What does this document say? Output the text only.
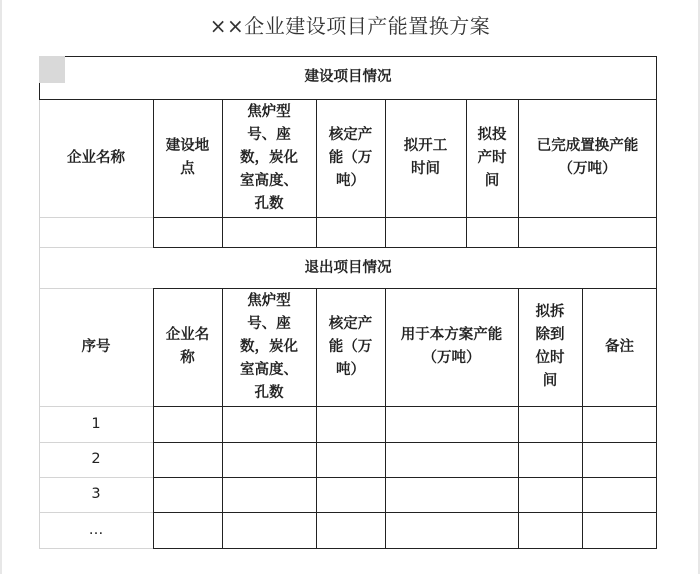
××企业建设项目产能置换方案
建设项目情况
企业名称
建设地
点
焦炉型
号、座
数，炭化
室高度、
孔数
核定产
能（万
吨）
拟开工
时间
拟投
产时
间
已完成置换产能
（万吨）
退出项目情况
序号
企业名
称
焦炉型
号、座
数，炭化
室高度、
孔数
核定产
能（万
吨）
用于本方案产能
（万吨）
拟拆
除到
位时
间
备注
1
2
3
…
